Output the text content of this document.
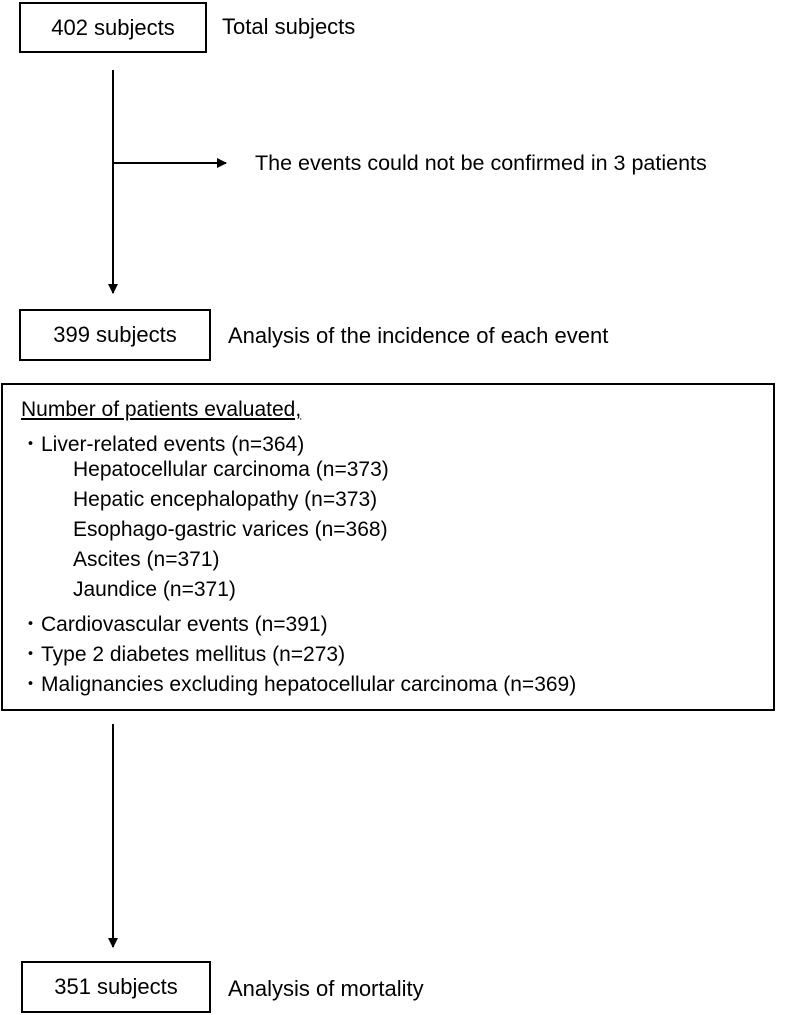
402 subjects	Total subjects
The events could not be confirmed in 3 patients
399 subjects	Analysis of the incidence of each event
Number of patients evaluated,
・Liver-related events (n=364)
Hepatocellular carcinoma (n=373)
Hepatic encephalopathy (n=373)
Esophago-gastric varices (n=368)
Ascites (n=371)
Jaundice (n=371)
・Cardiovascular events (n=391)
・Type 2 diabetes mellitus (n=273)
・Malignancies excluding hepatocellular carcinoma (n=369)
351 subjects	Analysis of mortality
